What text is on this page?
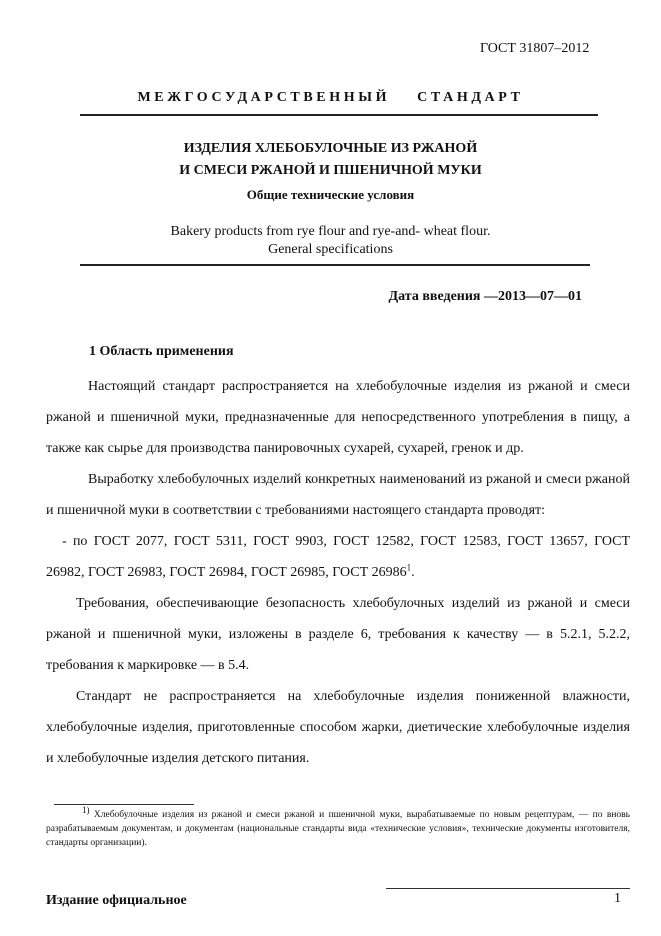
ГОСТ 31807–2012
МЕЖГОСУДАРСТВЕННЫЙ СТАНДАРТ
ИЗДЕЛИЯ ХЛЕБОБУЛОЧНЫЕ ИЗ РЖАНОЙ
И СМЕСИ РЖАНОЙ И ПШЕНИЧНОЙ МУКИ
Общие технические условия
Bakery products from rye flour and rye-and- wheat flour.
General specifications
Дата введения —2013—07—01
1 Область применения

Настоящий стандарт распространяется на хлебобулочные изделия из ржаной и смеси ржаной и пшеничной муки, предназначенные для непосредственного употребления в пищу, а также как сырье для производства панировочных сухарей, сухарей, гренок и др.

Выработку хлебобулочных изделий конкретных наименований из ржаной и смеси ржаной и пшеничной муки в соответствии с требованиями настоящего стандарта проводят:

- по ГОСТ 2077, ГОСТ 5311, ГОСТ 9903, ГОСТ 12582, ГОСТ 12583, ГОСТ 13657, ГОСТ 26982, ГОСТ 26983, ГОСТ 26984, ГОСТ 26985, ГОСТ 26986$^1$.

Требования, обеспечивающие безопасность хлебобулочных изделий из ржаной и смеси ржаной и пшеничной муки, изложены в разделе 6, требования к качеству — в 5.2.1, 5.2.2, требования к маркировке — в 5.4.

Стандарт не распространяется на хлебобулочные изделия пониженной влажности, хлебобулочные изделия, приготовленные способом жарки, диетические хлебобулочные изделия и хлебобулочные изделия детского питания.

$^{1)}$ Хлебобулочные изделия из ржаной и смеси ржаной и пшеничной муки, вырабатываемые по новым рецептурам, — по вновь разрабатываемым документам, и документам (национальные стандарты вида «технические условия», технические документы изготовителя, стандарты организации).

Издание официальное	1
